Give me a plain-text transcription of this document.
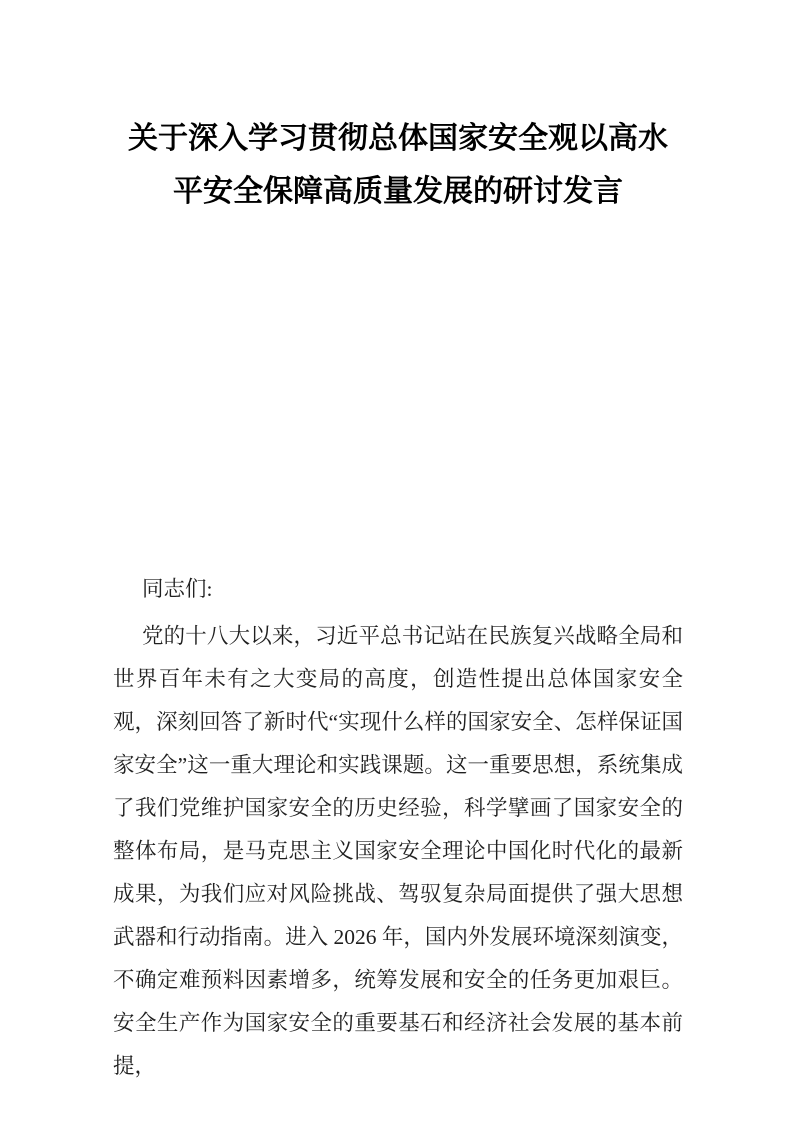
关于深入学习贯彻总体国家安全观以高水
平安全保障高质量发展的研讨发言

同志们:

党的十八大以来，习近平总书记站在民族复兴战略全局和世界百年未有之大变局的高度，创造性提出总体国家安全观，深刻回答了新时代“实现什么样的国家安全、怎样保证国家安全”这一重大理论和实践课题。这一重要思想，系统集成了我们党维护国家安全的历史经验，科学擘画了国家安全的整体布局，是马克思主义国家安全理论中国化时代化的最新成果，为我们应对风险挑战、驾驭复杂局面提供了强大思想武器和行动指南。进入 2026 年，国内外发展环境深刻演变，不确定难预料因素增多，统筹发展和安全的任务更加艰巨。安全生产作为国家安全的重要基石和经济社会发展的基本前提，
